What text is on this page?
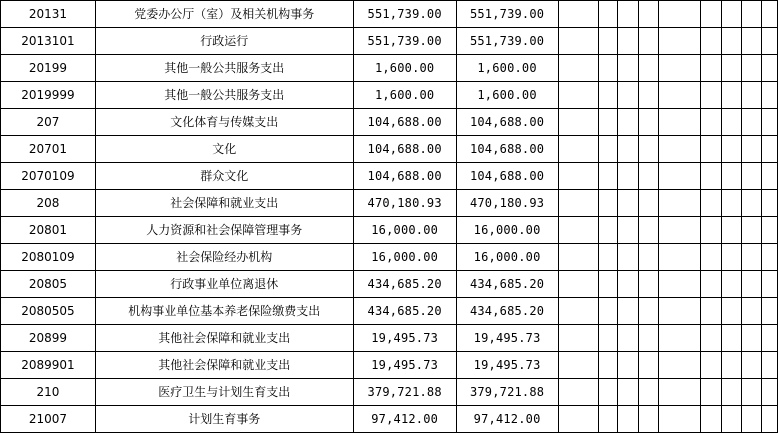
20131	党委办公厅（室）及相关机构事务	551,739.00	551,739.00									
2013101	行政运行	551,739.00	551,739.00									
20199	其他一般公共服务支出	1,600.00	1,600.00									
2019999	其他一般公共服务支出	1,600.00	1,600.00									
207	文化体育与传媒支出	104,688.00	104,688.00									
20701	文化	104,688.00	104,688.00									
2070109	群众文化	104,688.00	104,688.00									
208	社会保障和就业支出	470,180.93	470,180.93									
20801	人力资源和社会保障管理事务	16,000.00	16,000.00									
2080109	社会保险经办机构	16,000.00	16,000.00									
20805	行政事业单位离退休	434,685.20	434,685.20									
2080505	机构事业单位基本养老保险缴费支出	434,685.20	434,685.20									
20899	其他社会保障和就业支出	19,495.73	19,495.73									
2089901	其他社会保障和就业支出	19,495.73	19,495.73									
210	医疗卫生与计划生育支出	379,721.88	379,721.88									
21007	计划生育事务	97,412.00	97,412.00									
